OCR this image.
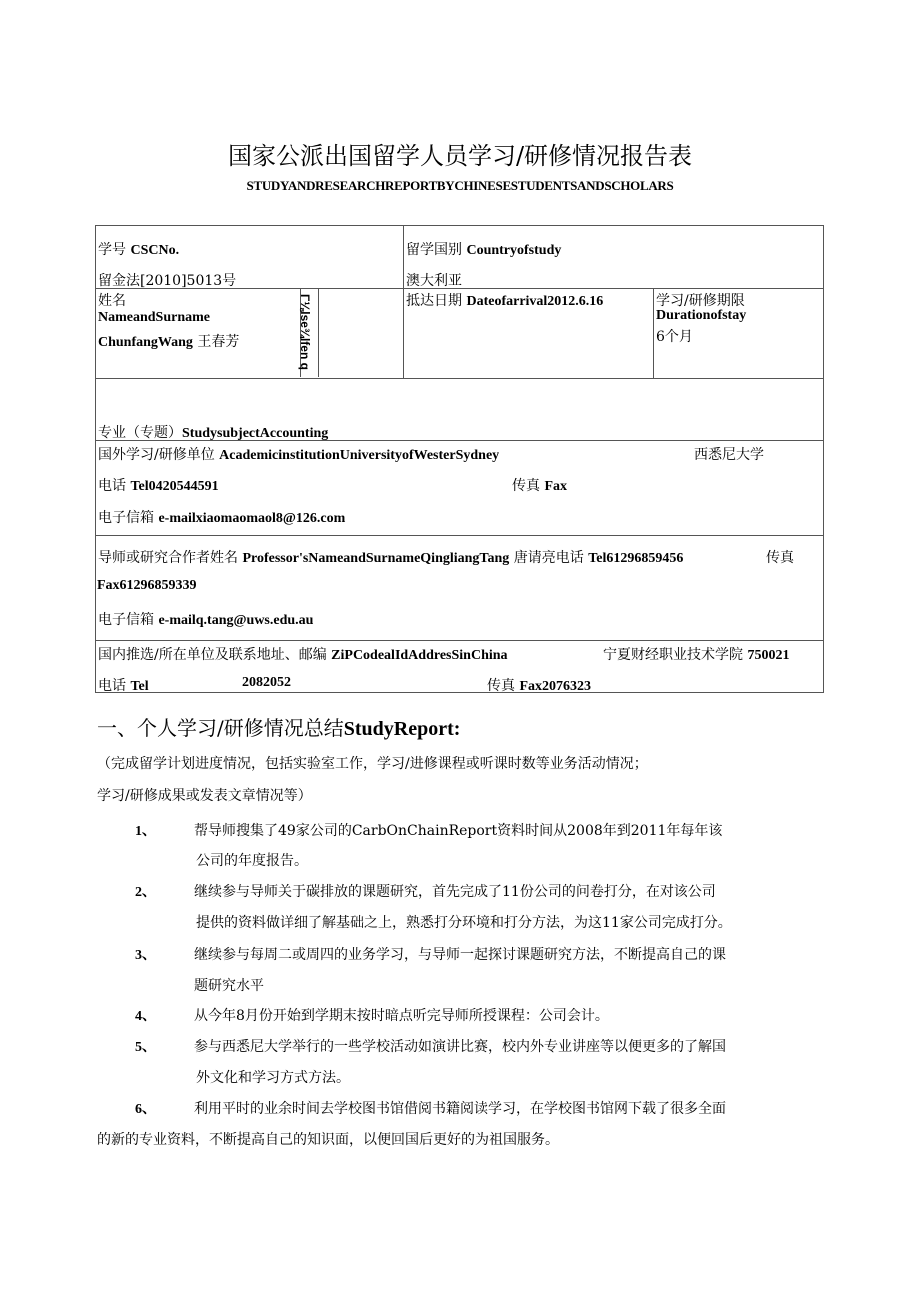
国家公派出国留学人员学习/研修情况报告表
STUDYANDRESEARCHREPORTBYCHINESESTUDENTSANDSCHOLARS
Γ⅛lse¾lfen q
学号 CSCNo.
留金法[2010]5013号
留学国别 Countryofstudy
澳大利亚
姓名
NameandSurname
ChunfangWang 王春芳
抵达日期 Dateofarrival2012.6.16	学习/研修期限
Durationofstay
6个月
专业（专题）StudysubjectAccounting
国外学习/研修单位 AcademicinstitutionUniversityofWesterSydney	西悉尼大学
电话 Tel0420544591	传真 Fax
电子信箱 e-mailxiaomaomaol8@126.com
导师或研究合作者姓名 Professor'sNameandSurnameQingliangTang 唐请亮电话 Tel61296859456	传真
Fax61296859339
电子信箱 e-mailq.tang@uws.edu.au
国内推选/所在单位及联系地址、邮编 ZiPCodealIdAddresSinChina	宁夏财经职业技术学院 750021
电话 Tel	2082052	传真 Fax2076323
一、个人学习/研修情况总结StudyReport:
（完成留学计划进度情况，包括实验室工作，学习/进修课程或听课时数等业务活动情况；
学习/研修成果或发表文章情况等）
1、	帮导师搜集了49家公司的CarbOnChainReport资料时间从2008年到2011年每年该
公司的年度报告。
2、	继续参与导师关于碳排放的课题研究，首先完成了11份公司的问卷打分，在对该公司
提供的资料做详细了解基础之上，熟悉打分环境和打分方法，为这11家公司完成打分。
3、	继续参与每周二或周四的业务学习，与导师一起探讨课题研究方法，不断提高自己的课
题研究水平
4、	从今年8月份开始到学期末按时暗点听完导师所授课程：公司会计。
5、	参与西悉尼大学举行的一些学校活动如演讲比赛，校内外专业讲座等以便更多的了解国
外文化和学习方式方法。
6、	利用平时的业余时间去学校图书馆借阅书籍阅读学习，在学校图书馆网下载了很多全面
的新的专业资料，不断提高自己的知识面，以便回国后更好的为祖国服务。
